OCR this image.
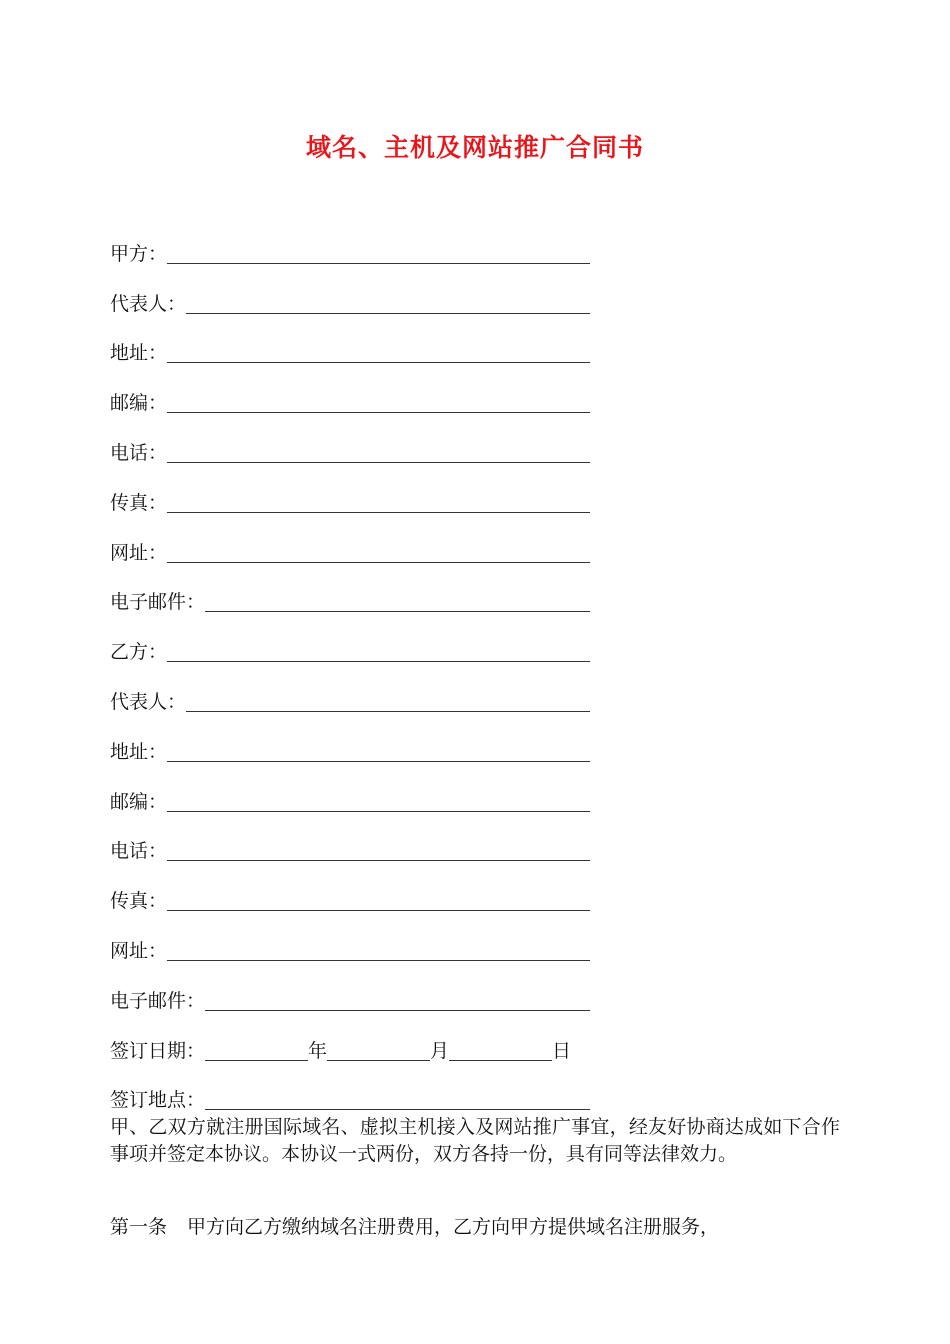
域名、主机及网站推广合同书
甲方：
代表人：
地址：
邮编：
电话：
传真：
网址：
电子邮件：
乙方：
代表人：
地址：
邮编：
电话：
传真：
网址：
电子邮件：
签订日期：	年	月	日
签订地点：
甲、乙双方就注册国际域名、虚拟主机接入及网站推广事宜，经友好协商达成如下合作事项并签定本协议。本协议一式两份，双方各持一份，具有同等法律效力。
第一条 甲方向乙方缴纳域名注册费用，乙方向甲方提供域名注册服务，
